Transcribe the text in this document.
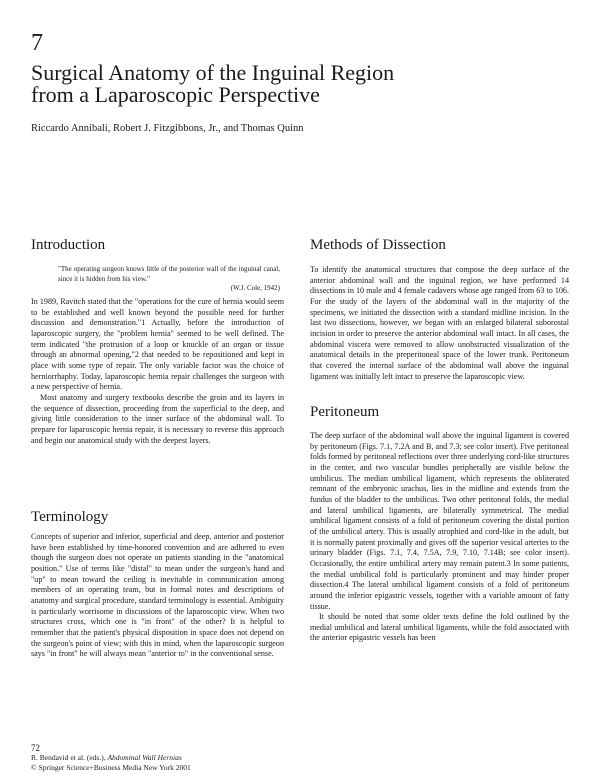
7
Surgical Anatomy of the Inguinal Region
from a Laparoscopic Perspective
Riccardo Annibali, Robert J. Fitzgibbons, Jr., and Thomas Quinn
Introduction
"The operating surgeon knows little of the posterior wall of the inguinal canal, since it is hidden from his view."
(W.J. Cole, 1942)

In 1989, Ravitch stated that the "operations for the cure of hernia would seem to be established and well known beyond the possible need for further discussion and demonstration."1 Actually, before the introduction of laparoscopic surgery, the "problem hernia" seemed to be well defined. The term indicated "the protrusion of a loop or knuckle of an organ or tissue through an abnormal opening,"2 that needed to be repositioned and kept in place with some type of repair. The only variable factor was the choice of herniorrhaphy. Today, laparoscopic hernia repair challenges the surgeon with a new perspective of hernia.

Most anatomy and surgery textbooks describe the groin and its layers in the sequence of dissection, proceeding from the superficial to the deep, and giving little consideration to the inner surface of the abdominal wall. To prepare for laparoscopic hernia repair, it is necessary to reverse this approach and begin our anatomical study with the deepest layers.

Terminology

Concepts of superior and inferior, superficial and deep, anterior and posterior have been established by time-honored convention and are adhered to even though the surgeon does not operate on patients standing in the "anatomical position." Use of terms like "distal" to mean under the surgeon's hand and "up" to mean toward the ceiling is inevitable in communication among members of an operating team, but in formal notes and descriptions of anatomy and surgical procedure, standard terminology is essential. Ambiguity is particularly worrisome in discussions of the laparoscopic view. When two structures cross, which one is "in front" of the other? It is helpful to remember that the patient's physical disposition in space does not depend on the surgeon's point of view; with this in mind, when the laparoscopic surgeon says "in front" he will always mean "anterior to" in the conventional sense.

Methods of Dissection

To identify the anatomical structures that compose the deep surface of the anterior abdominal wall and the inguinal region, we have performed 14 dissections in 10 male and 4 female cadavers whose age ranged from 63 to 106. For the study of the layers of the abdominal wall in the majority of the specimens, we initiated the dissection with a standard midline incision. In the last two dissections, however, we began with an enlarged bilateral suborostal incision in order to preserve the anterior abdominal wall intact. In all cases, the abdominal viscera were removed to allow unobstructed visualization of the anatomical details in the preperitoneal space of the lower trunk. Peritoneum that covered the internal surface of the abdominal wall above the inguinal ligament was initially left intact to preserve the laparoscopic view.

Peritoneum

The deep surface of the abdominal wall above the inguinal ligament is covered by peritoneum (Figs. 7.1, 7.2A and B, and 7.3; see color insert). Five peritoneal folds formed by peritoneal reflections over three underlying cord-like structures in the center, and two vascular bundles peripherally are visible below the umbilicus. The median umbilical ligament, which represents the obliterated remnant of the embryonic urachus, lies in the midline and extends from the fundus of the bladder to the umbilicus. Two other peritoneal folds, the medial and lateral umbilical ligaments, are bilaterally symmetrical. The medial umbilical ligament consists of a fold of peritoneum covering the distal portion of the umbilical artery. This is usually atrophied and cord-like in the adult, but it is normally patent proximally and gives off the superior vesical arteries to the urinary bladder (Figs. 7.1, 7.4, 7.5A, 7.9, 7.10, 7.14B; see color insert). Occasionally, the entire umbilical artery may remain patent.3 In some patients, the medial umbilical fold is particularly prominent and may hinder proper dissection.4 The lateral umbilical ligament consists of a fold of peritoneum around the inferior epigastric vessels, together with a variable amount of fatty tissue.

It should be noted that some older texts define the fold outlined by the medial umbilical and lateral umbilical ligaments, while the fold associated with the anterior epigastric vessels has been

72
R. Bendavid et al. (eds.), Abdominal Wall Hernias
© Springer Science+Business Media New York 2001
